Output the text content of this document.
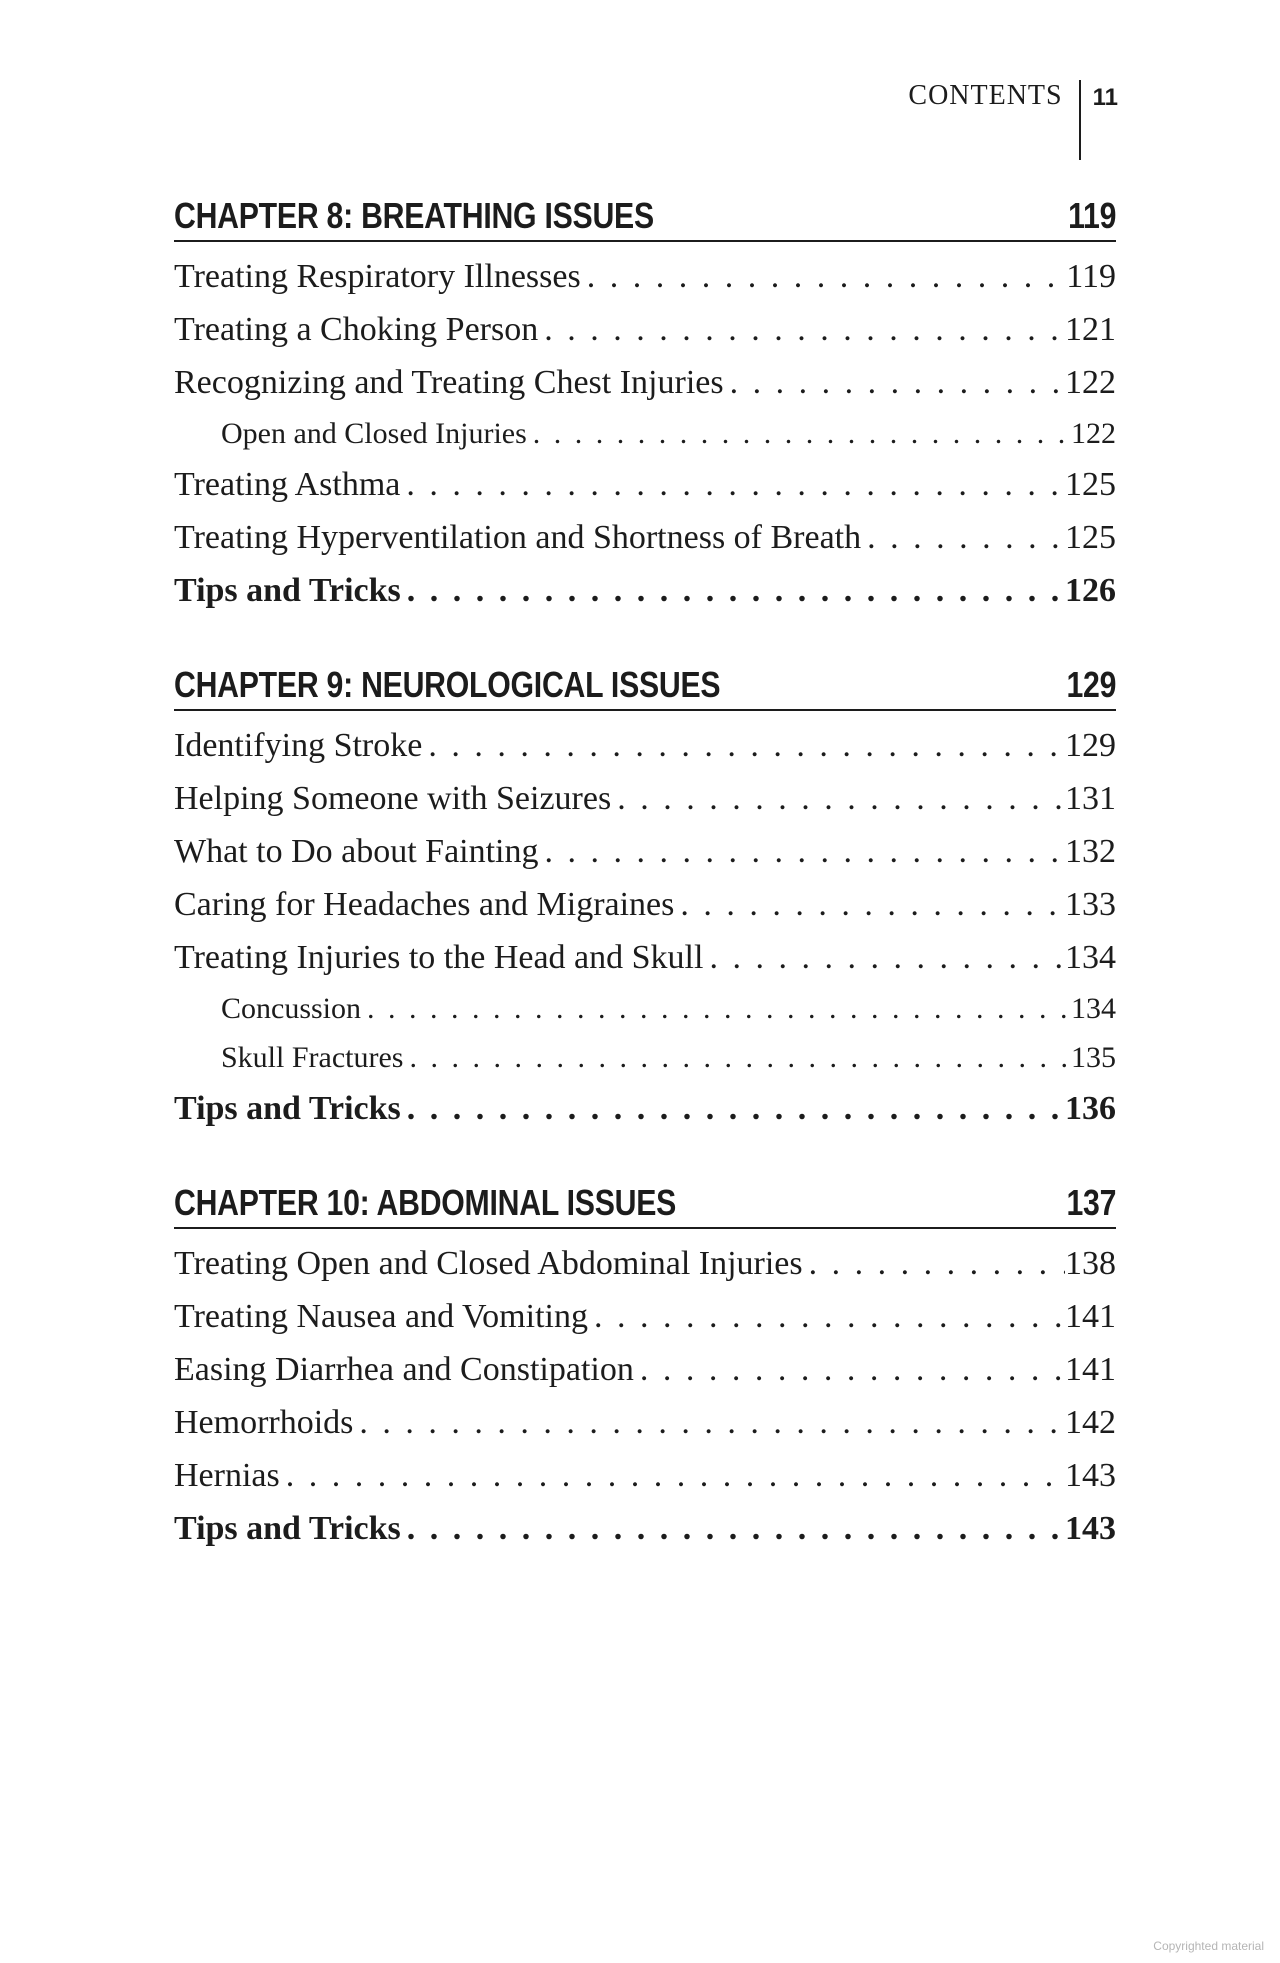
CONTENTS 11
CHAPTER 8: BREATHING ISSUES	119
Treating Respiratory Illnesses . . .	119
Treating a Choking Person . . .	121
Recognizing and Treating Chest Injuries . . .	122
Open and Closed Injuries . . .	122
Treating Asthma . . .	125
Treating Hyperventilation and Shortness of Breath . . .	125
Tips and Tricks . . .	126
CHAPTER 9: NEUROLOGICAL ISSUES	129
Identifying Stroke . . .	129
Helping Someone with Seizures . . .	131
What to Do about Fainting . . .	132
Caring for Headaches and Migraines . . .	133
Treating Injuries to the Head and Skull . . .	134
Concussion . . .	134
Skull Fractures . . .	135
Tips and Tricks . . .	136
CHAPTER 10: ABDOMINAL ISSUES	137
Treating Open and Closed Abdominal Injuries . . .	138
Treating Nausea and Vomiting . . .	141
Easing Diarrhea and Constipation . . .	141
Hemorrhoids . . .	142
Hernias . . .	143
Tips and Tricks . . .	143
Copyrighted material
